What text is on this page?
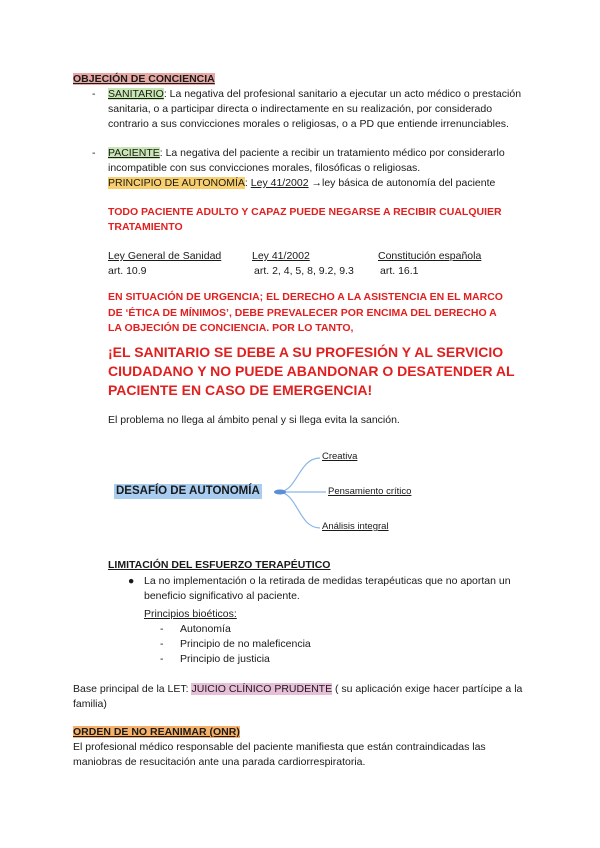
OBJECIÓN DE CONCIENCIA
-	SANITARIO: La negativa del profesional sanitario a ejecutar un acto médico o prestación sanitaria, o a participar directa o indirectamente en su realización, por considerado contrario a sus convicciones morales o religiosas, o a PD que entiende irrenunciables.
-	PACIENTE: La negativa del paciente a recibir un tratamiento médico por considerarlo incompatible con sus convicciones morales, filosóficas o religiosas.
PRINCIPIO DE AUTONOMÍA: Ley 41/2002 →ley básica de autonomía del paciente
TODO PACIENTE ADULTO Y CAPAZ PUEDE NEGARSE A RECIBIR CUALQUIER TRATAMIENTO
Ley General de Sanidad
art. 10.9
Ley 41/2002
art. 2, 4, 5, 8, 9.2, 9.3
Constitución española
art. 16.1
EN SITUACIÓN DE URGENCIA; EL DERECHO A LA ASISTENCIA EN EL MARCO DE ‘ÉTICA DE MÍNIMOS’, DEBE PREVALECER POR ENCIMA DEL DERECHO A LA OBJECIÓN DE CONCIENCIA. POR LO TANTO,
¡EL SANITARIO SE DEBE A SU PROFESIÓN Y AL SERVICIO CIUDADANO Y NO PUEDE ABANDONAR O DESATENDER AL PACIENTE EN CASO DE EMERGENCIA!
El problema no llega al ámbito penal y si llega evita la sanción.
DESAFÍO DE AUTONOMÍA
Creativa
Pensamiento crítico
Análisis integral
LIMITACIÓN DEL ESFUERZO TERAPÉUTICO
● La no implementación o la retirada de medidas terapéuticas que no aportan un beneficio significativo al paciente.
Principios bioéticos:
- Autonomía
- Principio de no maleficencia
- Principio de justicia
Base principal de la LET: JUICIO CLÍNICO PRUDENTE ( su aplicación exige hacer partícipe a la familia)
ORDEN DE NO REANIMAR (ONR)
El profesional médico responsable del paciente manifiesta que están contraindicadas las maniobras de resucitación ante una parada cardiorrespiratoria.
